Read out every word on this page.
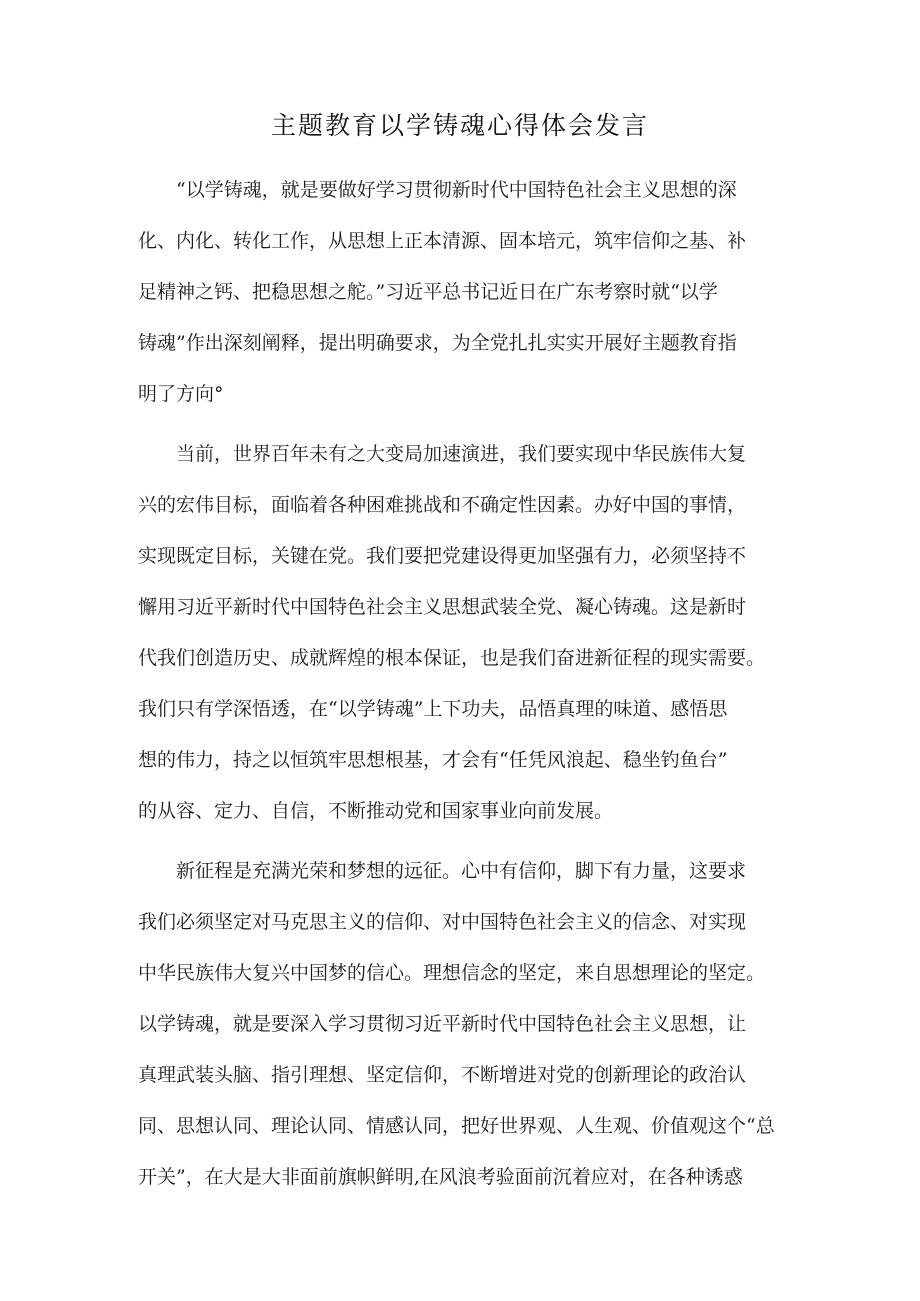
主题教育以学铸魂心得体会发言

“以学铸魂，就是要做好学习贯彻新时代中国特色社会主义思想的深

化、内化、转化工作，从思想上正本清源、固本培元，筑牢信仰之基、补

足精神之钙、把稳思想之舵。”习近平总书记近日在广东考察时就“以学

铸魂”作出深刻阐释，提出明确要求，为全党扎扎实实开展好主题教育指

明了方向°

当前，世界百年未有之大变局加速演进，我们要实现中华民族伟大复

兴的宏伟目标，面临着各种困难挑战和不确定性因素。办好中国的事情，

实现既定目标，关键在党。我们要把党建设得更加坚强有力，必须坚持不

懈用习近平新时代中国特色社会主义思想武装全党、凝心铸魂。这是新时

代我们创造历史、成就辉煌的根本保证，也是我们奋进新征程的现实需要。

我们只有学深悟透，在“以学铸魂”上下功夫，品悟真理的味道、感悟思

想的伟力，持之以恒筑牢思想根基，才会有“任凭风浪起、稳坐钓鱼台”

的从容、定力、自信，不断推动党和国家事业向前发展。

新征程是充满光荣和梦想的远征。心中有信仰，脚下有力量，这要求

我们必须坚定对马克思主义的信仰、对中国特色社会主义的信念、对实现

中华民族伟大复兴中国梦的信心。理想信念的坚定，来自思想理论的坚定。

以学铸魂，就是要深入学习贯彻习近平新时代中国特色社会主义思想，让

真理武装头脑、指引理想、坚定信仰，不断增进对党的创新理论的政治认

同、思想认同、理论认同、情感认同，把好世界观、人生观、价值观这个“总

开关”，在大是大非面前旗帜鲜明,在风浪考验面前沉着应对，在各种诱惑
